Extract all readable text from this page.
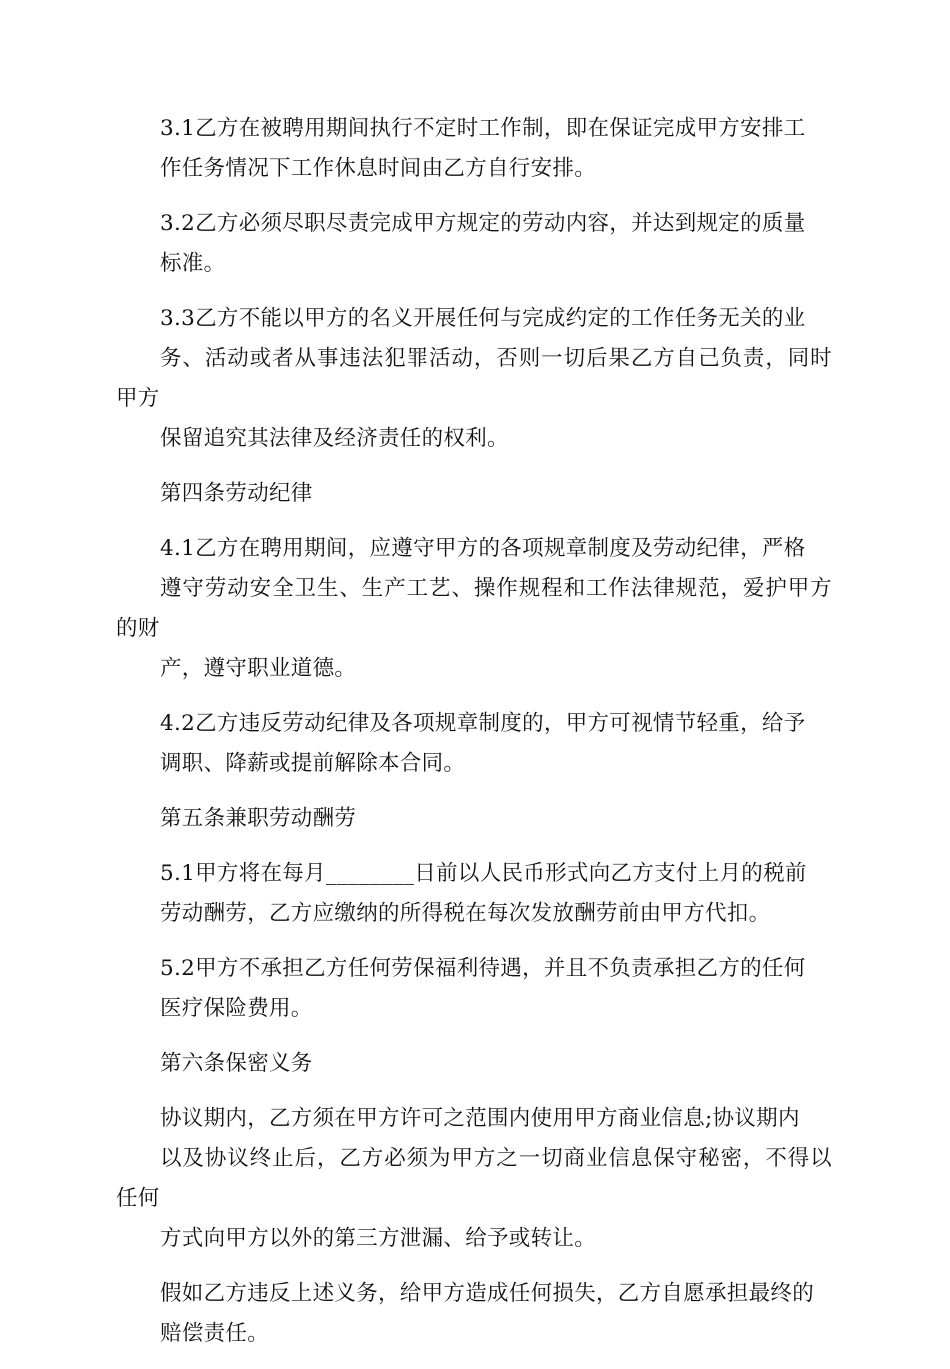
3.1乙方在被聘用期间执行不定时工作制，即在保证完成甲方安排工
作任务情况下工作休息时间由乙方自行安排。

3.2乙方必须尽职尽责完成甲方规定的劳动内容，并达到规定的质量
标准。

3.3乙方不能以甲方的名义开展任何与完成约定的工作任务无关的业
务、活动或者从事违法犯罪活动，否则一切后果乙方自己负责，同时甲方
保留追究其法律及经济责任的权利。

第四条劳动纪律

4.1乙方在聘用期间，应遵守甲方的各项规章制度及劳动纪律，严格
遵守劳动安全卫生、生产工艺、操作规程和工作法律规范，爱护甲方的财
产，遵守职业道德。

4.2乙方违反劳动纪律及各项规章制度的，甲方可视情节轻重，给予
调职、降薪或提前解除本合同。

第五条兼职劳动酬劳

5.1甲方将在每月________日前以人民币形式向乙方支付上月的税前
劳动酬劳，乙方应缴纳的所得税在每次发放酬劳前由甲方代扣。

5.2甲方不承担乙方任何劳保福利待遇，并且不负责承担乙方的任何
医疗保险费用。

第六条保密义务

协议期内，乙方须在甲方许可之范围内使用甲方商业信息;协议期内
以及协议终止后，乙方必须为甲方之一切商业信息保守秘密，不得以任何
方式向甲方以外的第三方泄漏、给予或转让。

假如乙方违反上述义务，给甲方造成任何损失，乙方自愿承担最终的
赔偿责任。
